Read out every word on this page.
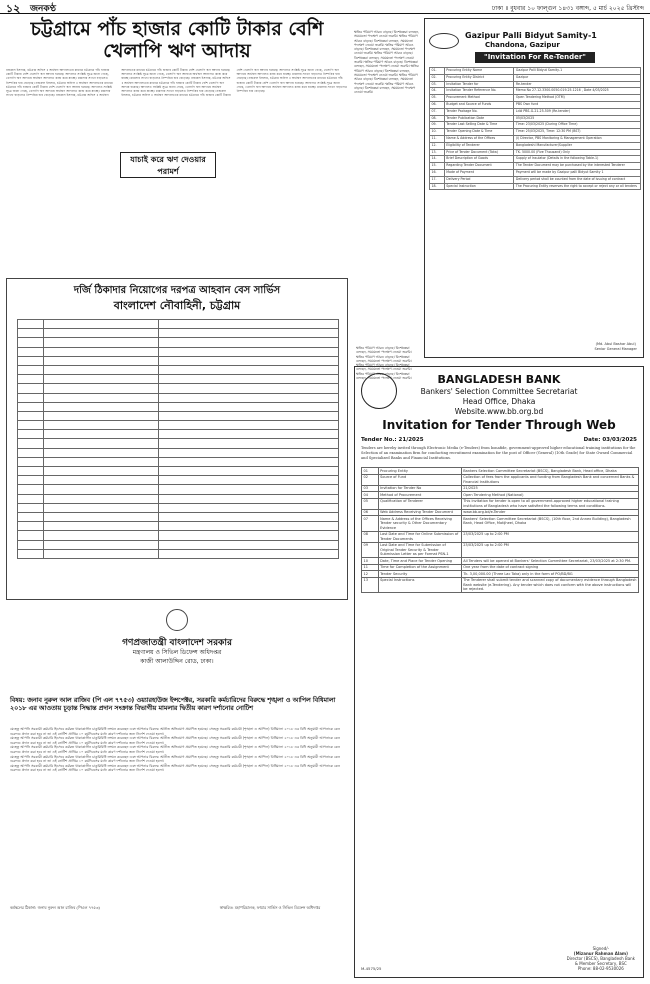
১২ জনকণ্ঠ	ঢাকা ॥ বুধবার ১০ ফাল্গুন ১৪৩১ বঙ্গাব্দ, ৫ মার্চ ২০২৫ খ্রিস্টাব্দ
চট্টগ্রামে পাঁচ হাজার কোটি টাকার বেশি খেলাপি ঋণ আদায়
নজরুল ইসলাম, চট্টগ্রাম অফিস ॥ অর্থঋণ আদালতের মাধ্যমে চট্টগ্রামে পাঁচ হাজার কোটি টাকার বেশি খেলাপি ঋণ আদায় হয়েছে। আদালত সংশ্লিষ্ট সূত্রে জানা গেছে, খেলাপি ঋণ আদায়ে অর্থঋণ আদালত কাজ করে যাচ্ছে। মামলার সংখ্যা বাড়লেও নিষ্পত্তির হার বেড়েছে। নজরুল ইসলাম, চট্টগ্রাম অফিস ॥ অর্থঋণ আদালতের মাধ্যমে চট্টগ্রামে পাঁচ হাজার কোটি টাকার বেশি খেলাপি ঋণ আদায় হয়েছে। আদালত সংশ্লিষ্ট সূত্রে জানা গেছে, খেলাপি ঋণ আদায়ে অর্থঋণ আদালত কাজ করে যাচ্ছে। মামলার সংখ্যা বাড়লেও নিষ্পত্তির হার বেড়েছে। নজরুল ইসলাম, চট্টগ্রাম অফিস ॥ অর্থঋণ আদালতের মাধ্যমে চট্টগ্রামে পাঁচ হাজার কোটি টাকার বেশি খেলাপি ঋণ আদায় হয়েছে। আদালত সংশ্লিষ্ট সূত্রে জানা গেছে, খেলাপি ঋণ আদায়ে অর্থঋণ আদালত কাজ করে যাচ্ছে। মামলার সংখ্যা বাড়লেও নিষ্পত্তির হার বেড়েছে। নজরুল ইসলাম, চট্টগ্রাম অফিস ॥ অর্থঋণ আদালতের মাধ্যমে চট্টগ্রামে পাঁচ হাজার কোটি টাকার বেশি খেলাপি ঋণ আদায় হয়েছে। আদালত সংশ্লিষ্ট সূত্রে জানা গেছে, খেলাপি ঋণ আদায়ে অর্থঋণ আদালত কাজ করে যাচ্ছে। মামলার সংখ্যা বাড়লেও নিষ্পত্তির হার বেড়েছে। নজরুল ইসলাম, চট্টগ্রাম অফিস ॥ অর্থঋণ আদালতের মাধ্যমে চট্টগ্রামে পাঁচ হাজার কোটি টাকার বেশি খেলাপি ঋণ আদায় হয়েছে। আদালত সংশ্লিষ্ট সূত্রে জানা গেছে, খেলাপি ঋণ আদায়ে অর্থঋণ আদালত কাজ করে যাচ্ছে। মামলার সংখ্যা বাড়লেও নিষ্পত্তির হার বেড়েছে। নজরুল ইসলাম, চট্টগ্রাম অফিস ॥ অর্থঋণ আদালতের মাধ্যমে চট্টগ্রামে পাঁচ হাজার কোটি টাকার বেশি খেলাপি ঋণ আদায় হয়েছে। আদালত সংশ্লিষ্ট সূত্রে জানা গেছে, খেলাপি ঋণ আদায়ে অর্থঋণ আদালত কাজ করে যাচ্ছে। মামলার সংখ্যা বাড়লেও নিষ্পত্তির হার বেড়েছে।
যাচাই করে ঋণ দেওয়ার পরামর্শ
দর্জি ঠিকাদার নিয়োগের দরপত্র আহবান বেস সার্ভিস
বাংলাদেশ নৌবাহিনী, চট্টগ্রাম

গণপ্রজাতন্ত্রী বাংলাদেশ সরকার
মন্ত্রণালয় ও সিভিল ডিফেন্স অধিদপ্তর
কাজী আলাউদ্দিন রোড, ঢাকা।
বিষয়: জনাব নুরুল আল রাজিব (পি এল ৭৭৫৩) ওয়্যারহাউজ ইন্সপেক্টর, সরকারি কর্মচারিদের বিরুদ্ধে শৃঙ্খলা ও আপিল বিধিমালা ২০১৮ এর আওতায় চূড়ান্ত সিদ্ধান্ত প্রদান সংক্রান্ত বিভাগীয় মামলার দ্বিতীয় কারণ দর্শানোর নোটিশ

যেহেতু আপনি সরকারী কর্মচারি হিসেবে কর্মরত থাকাকালীন চাকুরিবিধি লংঘন করেছেন এবং আপনার বিরুদ্ধে আনীত অভিযোগ প্রমাণিত হয়েছে। সেহেতু সরকারি কর্মচারী (শৃঙ্খলা ও আপিল) বিধিমালা ২০১৮ এর বিধি অনুযায়ী আপনাকে কেন গুরুদণ্ড প্রদান করা হবে না তা এই নোটিশ প্রাপ্তির ১০ কর্মদিবসের মধ্যে কারণ দর্শানোর জন্য নির্দেশ দেওয়া হলো।

যেহেতু আপনি সরকারী কর্মচারি হিসেবে কর্মরত থাকাকালীন চাকুরিবিধি লংঘন করেছেন এবং আপনার বিরুদ্ধে আনীত অভিযোগ প্রমাণিত হয়েছে। সেহেতু সরকারি কর্মচারী (শৃঙ্খলা ও আপিল) বিধিমালা ২০১৮ এর বিধি অনুযায়ী আপনাকে কেন গুরুদণ্ড প্রদান করা হবে না তা এই নোটিশ প্রাপ্তির ১০ কর্মদিবসের মধ্যে কারণ দর্শানোর জন্য নির্দেশ দেওয়া হলো।

যেহেতু আপনি সরকারী কর্মচারি হিসেবে কর্মরত থাকাকালীন চাকুরিবিধি লংঘন করেছেন এবং আপনার বিরুদ্ধে আনীত অভিযোগ প্রমাণিত হয়েছে। সেহেতু সরকারি কর্মচারী (শৃঙ্খলা ও আপিল) বিধিমালা ২০১৮ এর বিধি অনুযায়ী আপনাকে কেন গুরুদণ্ড প্রদান করা হবে না তা এই নোটিশ প্রাপ্তির ১০ কর্মদিবসের মধ্যে কারণ দর্শানোর জন্য নির্দেশ দেওয়া হলো।

যেহেতু আপনি সরকারী কর্মচারি হিসেবে কর্মরত থাকাকালীন চাকুরিবিধি লংঘন করেছেন এবং আপনার বিরুদ্ধে আনীত অভিযোগ প্রমাণিত হয়েছে। সেহেতু সরকারি কর্মচারী (শৃঙ্খলা ও আপিল) বিধিমালা ২০১৮ এর বিধি অনুযায়ী আপনাকে কেন গুরুদণ্ড প্রদান করা হবে না তা এই নোটিশ প্রাপ্তির ১০ কর্মদিবসের মধ্যে কারণ দর্শানোর জন্য নির্দেশ দেওয়া হলো।

যেহেতু আপনি সরকারী কর্মচারি হিসেবে কর্মরত থাকাকালীন চাকুরিবিধি লংঘন করেছেন এবং আপনার বিরুদ্ধে আনীত অভিযোগ প্রমাণিত হয়েছে। সেহেতু সরকারি কর্মচারী (শৃঙ্খলা ও আপিল) বিধিমালা ২০১৮ এর বিধি অনুযায়ী আপনাকে কেন গুরুদণ্ড প্রদান করা হবে না তা এই নোটিশ প্রাপ্তির ১০ কর্মদিবসের মধ্যে কারণ দর্শানোর জন্য নির্দেশ দেওয়া হলো।

কর্মস্থলের ঠিকানা: জনাব নুরুল আল রাজিব (পিএল ৭৭৫৩)	স্বাক্ষরিত: মহাপরিচালক, ফায়ার সার্ভিস ও সিভিল ডিফেন্স অধিদপ্তর
ক্ষতির পরিমাণ আরও বাড়ছে। বিশেষজ্ঞরা বলছেন, সময়মতো পদক্ষেপ নেওয়া জরুরি। ক্ষতির পরিমাণ আরও বাড়ছে। বিশেষজ্ঞরা বলছেন, সময়মতো পদক্ষেপ নেওয়া জরুরি। ক্ষতির পরিমাণ আরও বাড়ছে। বিশেষজ্ঞরা বলছেন, সময়মতো পদক্ষেপ নেওয়া জরুরি। ক্ষতির পরিমাণ আরও বাড়ছে। বিশেষজ্ঞরা বলছেন, সময়মতো পদক্ষেপ নেওয়া জরুরি। ক্ষতির পরিমাণ আরও বাড়ছে। বিশেষজ্ঞরা বলছেন, সময়মতো পদক্ষেপ নেওয়া জরুরি। ক্ষতির পরিমাণ আরও বাড়ছে। বিশেষজ্ঞরা বলছেন, সময়মতো পদক্ষেপ নেওয়া জরুরি। ক্ষতির পরিমাণ আরও বাড়ছে। বিশেষজ্ঞরা বলছেন, সময়মতো পদক্ষেপ নেওয়া জরুরি। ক্ষতির পরিমাণ আরও বাড়ছে। বিশেষজ্ঞরা বলছেন, সময়মতো পদক্ষেপ নেওয়া জরুরি।
Gazipur Palli Bidyut Samity-1
Chandona, Gazipur
"Invitation For Re-Tender"
01.	Procuring Entity Name	Gazipur Palli Bidyut Samity-1
02.	Procuring Entity District	Gazipur
03.	Invitation Tender for	Re-tender
04.	Invitation Tender Reference No.	Memo No 27.12.3300.0050.019.25.1216 , Date 4/03/2025
05.	Procurement Method	Open Tendering Method (OTM)
06.	Budget and Source of Funds	PBS Own fund
07.	Tender Package No.	Ld# PBS-G-21-25-509 (Re-tender)
08.	Tender Publication Date	05/03/2025
09.	Tender Last Selling Date & Time	Time: 23/03/2025 (During Office Time)
10.	Tender Opening Date & Time	Time: 25/03/2025, Time: 12:30 PM (BST)
11.	Name & Address of the Offices	(i) Director, PBS Monitoring & Management Operation
12.	Eligibility of Tenderer	Bangladeshi Manufacturer/Supplier
13.	Price of Tender Document (Taka)	TK. 5000.00 (Five Thousand) Only
14.	Brief Description of Goods	Supply of Insulator (Details in the following Table-1)
15.	Regarding Tender Document	The Tender Document may be purchased by the interested Tenderer
16.	Mode of Payment	Payment will be made by Gazipur palli Bidyut Samity 1
17.	Delivery Period	Delivery period shall be counted from the date of issuing of contract
18.	Special Instruction	The Procuring Entity reserves the right to accept or reject any or all tenders
(Md. Abul Bashar Abul)
Senior General Manager
ক্ষতির পরিমাণ আরও বাড়ছে। বিশেষজ্ঞরা বলছেন, সময়মতো পদক্ষেপ নেওয়া জরুরি। ক্ষতির পরিমাণ আরও বাড়ছে। বিশেষজ্ঞরা বলছেন, সময়মতো পদক্ষেপ নেওয়া জরুরি। ক্ষতির পরিমাণ আরও বাড়ছে। বিশেষজ্ঞরা বলছেন, সময়মতো পদক্ষেপ নেওয়া জরুরি। ক্ষতির পরিমাণ আরও বাড়ছে। বিশেষজ্ঞরা বলছেন, সময়মতো পদক্ষেপ নেওয়া জরুরি।	BANGLADESH BANK
Bankers' Selection Committee Secretariat
Head Office, Dhaka
Website.www.bb.org.bd
Invitation for Tender Through Web
Tender No.: 21/2025	Date: 03/03/2025
Tenders are hereby invited through Electronic Media (e-Tenders) from bonafide, government-approved higher educational training institutions for the Selection of an examination firm for conducting recruitment examination for the post of Officer (General) (10th Grade) for State Owned Commercial and Specialized Banks and Financial Institutions.
01	Procuring Entity	Bankers Selection Committee Secretariat (BSCS), Bangladesh Bank, Head office, Dhaka
02	Source of Fund	Collection of fees from the applicants and funding from Bangladesh Bank and concerned Banks & Financial Institutions
03	Invitation for Tender No	21/2025
04	Method of Procurement	Open Tendering Method (National)
05	Qualification of Tenderer	This invitation for tender is open to all government-approved higher educational training institutions of Bangladesh who have satisfied the following terms and conditions.
06	Web Address Receiving Tender Document	www.bb.org.bd/e-Tender
07	Name & Address of the Offices Receiving Tender security & Other Documentary Evidence	Bankers' Selection Committee Secretariat (BSCS), (10th floor, 2nd Annex Building), Bangladesh Bank, Head Office, Motijheel, Dhaka
08	Last Date and Time for Online Submission of Tender Documents	23/03/2025 up to 2:00 PM
09	Last Date and Time for Submission of Original Tender Security & Tender Submission Letter as per Format PSN-1	23/03/2025 up to 2:00 PM
10	Date, Time and Place for Tender Opening	All Tenders will be opened at Bankers' Selection Committee Secretariat, 23/03/2025 at 2:30 PM.
11	Time for Completion of the Assignment	One year from the date of contract signing
12	Tender Security	Tk. 3,00,000.00 (Three Lac Taka) only in the form of PO/BD/BG
13	Special Instructions	The Tenderer shall submit tender and scanned copy of documentary evidence through Bangladesh Bank website (e-Tendering). Any tender which does not conform with the above instructions will be rejected.
M-4575/25
Signed/-
(Mizanur Rahman Alam)
Director (BSCS), Bangladesh Bank
& Member Secretary, BSC
Phone: 88-02-9530026
